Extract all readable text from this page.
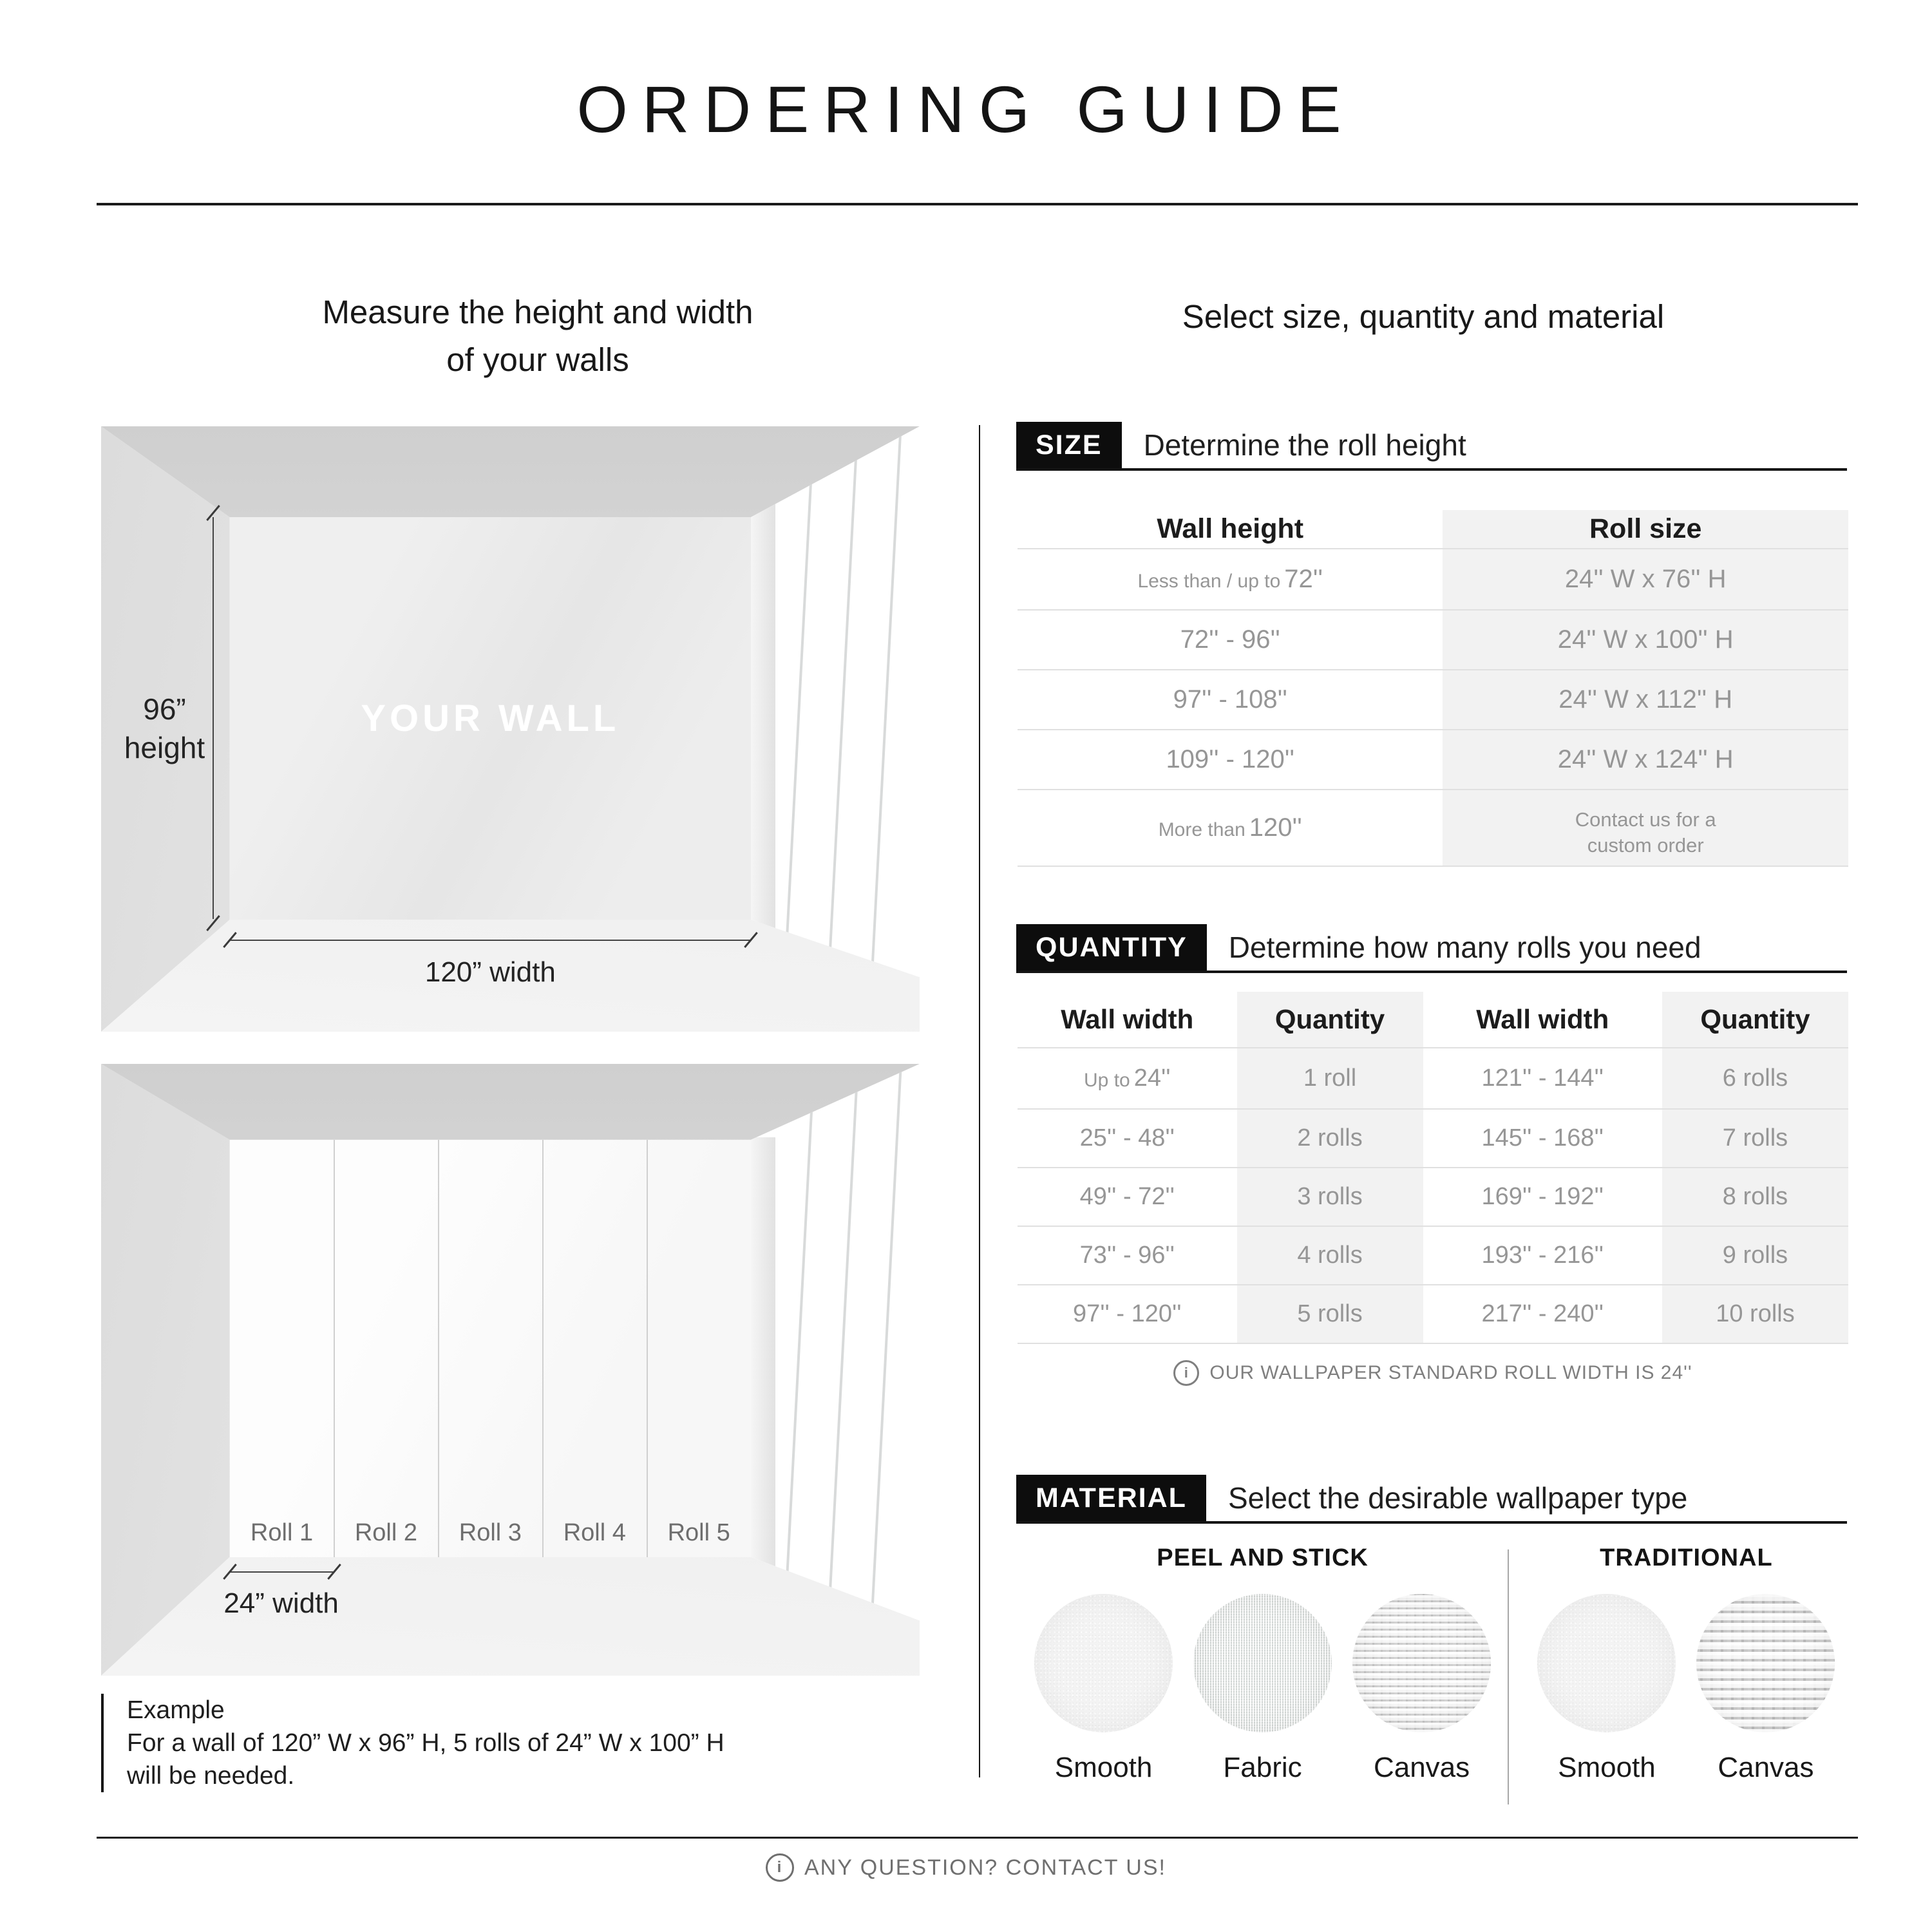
ORDERING GUIDE
Measure the height and width
of your walls
YOUR WALL
96”
height
120” width
Roll 1	Roll 2	Roll 3	Roll 4	Roll 5
24” width
Example
For a wall of 120” W x 96” H, 5 rolls of 24” W x 100” H
will be needed.
Select size, quantity and material
SIZE	Determine the roll height
Wall height	Roll size
Less than / up to 72''	24'' W x 76'' H
72'' - 96''	24'' W x 100'' H
97'' - 108''	24'' W x 112'' H
109'' - 120''	24'' W x 124'' H
More than 120''	Contact us for a
custom order
QUANTITY	Determine how many rolls you need
Wall width	Quantity	Wall width	Quantity
Up to 24''	1 roll	121'' - 144''	6 rolls
25'' - 48''	2 rolls	145'' - 168''	7 rolls
49'' - 72''	3 rolls	169'' - 192''	8 rolls
73'' - 96''	4 rolls	193'' - 216''	9 rolls
97'' - 120''	5 rolls	217'' - 240''	10 rolls
i	OUR WALLPAPER STANDARD ROLL WIDTH IS 24''
MATERIAL	Select the desirable wallpaper type
PEEL AND STICK
Smooth	Fabric	Canvas
TRADITIONAL
Smooth Canvas
i ANY QUESTION? CONTACT US!
